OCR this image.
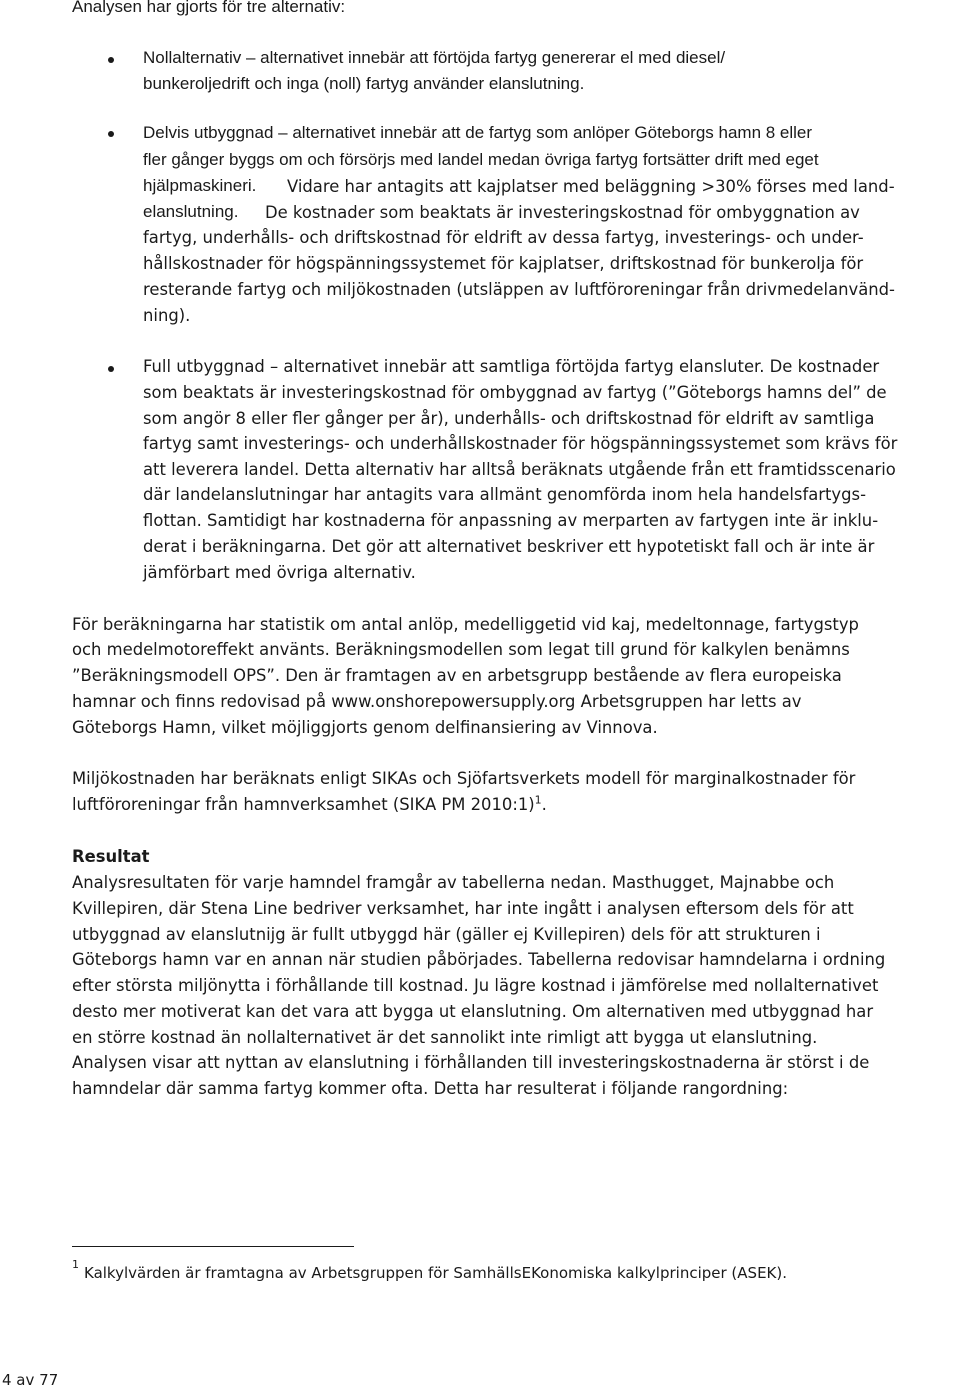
Analysen har gjorts för tre alternativ:
Nollalternativ – alternativet innebär att förtöjda fartyg genererar el med diesel/
bunkeroljedrift och inga (noll) fartyg använder elanslutning.
Delvis utbyggnad – alternativet innebär att de fartyg som anlöper Göteborgs hamn 8 eller
fler gånger byggs om och försörjs med landel medan övriga fartyg fortsätter drift med eget
hjälpmaskineri. Vidare har antagits att kajplatser med beläggning >30% förses med land-
elanslutning. De kostnader som beaktats är investeringskostnad för ombyggnation av
fartyg, underhålls- och driftskostnad för eldrift av dessa fartyg, investerings- och under-
hållskostnader för högspänningssystemet för kajplatser, driftskostnad för bunkerolja för
resterande fartyg och miljökostnaden (utsläppen av luftföroreningar från drivmedelanvänd-
ning).
Full utbyggnad – alternativet innebär att samtliga förtöjda fartyg elansluter. De kostnader
som beaktats är investeringskostnad för ombyggnad av fartyg (”Göteborgs hamns del” de
som angör 8 eller fler gånger per år), underhålls- och driftskostnad för eldrift av samtliga
fartyg samt investerings- och underhållskostnader för högspänningssystemet som krävs för
att leverera landel. Detta alternativ har alltså beräknats utgående från ett framtidsscenario
där landelanslutningar har antagits vara allmänt genomförda inom hela handelsfartygs-
flottan. Samtidigt har kostnaderna för anpassning av merparten av fartygen inte är inklu-
derat i beräkningarna. Det gör att alternativet beskriver ett hypotetiskt fall och är inte är
jämförbart med övriga alternativ.
För beräkningarna har statistik om antal anlöp, medelliggetid vid kaj, medeltonnage, fartygstyp
och medelmotoreffekt använts. Beräkningsmodellen som legat till grund för kalkylen benämns
”Beräkningsmodell OPS”. Den är framtagen av en arbetsgrupp bestående av flera europeiska
hamnar och finns redovisad på www.onshorepowersupply.org Arbetsgruppen har letts av
Göteborgs Hamn, vilket möjliggjorts genom delfinansiering av Vinnova.
Miljökostnaden har beräknats enligt SIKAs och Sjöfartsverkets modell för marginalkostnader för
luftföroreningar från hamnverksamhet (SIKA PM 2010:1)$^1$.
Resultat
Analysresultaten för varje hamndel framgår av tabellerna nedan. Masthugget, Majnabbe och
Kvillepiren, där Stena Line bedriver verksamhet, har inte ingått i analysen eftersom dels för att
utbyggnad av elanslutnijg är fullt utbyggd här (gäller ej Kvillepiren) dels för att strukturen i
Göteborgs hamn var en annan när studien påbörjades. Tabellerna redovisar hamndelarna i ordning
efter största miljönytta i förhållande till kostnad. Ju lägre kostnad i jämförelse med nollalternativet
desto mer motiverat kan det vara att bygga ut elanslutning. Om alternativen med utbyggnad har
en större kostnad än nollalternativet är det sannolikt inte rimligt att bygga ut elanslutning.
Analysen visar att nyttan av elanslutning i förhållanden till investeringskostnaderna är störst i de
hamndelar där samma fartyg kommer ofta. Detta har resulterat i följande rangordning:
1 Kalkylvärden är framtagna av Arbetsgruppen för SamhällsEKonomiska kalkylprinciper (ASEK).
4 av 77
